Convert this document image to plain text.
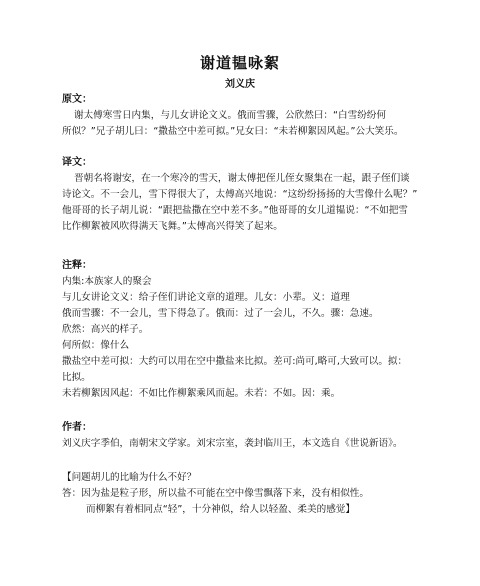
谢道韫咏絮
刘义庆
原文：
谢太傅寒雪日内集，与儿女讲论文义。俄而雪骤，公欣然曰：“白雪纷纷何
所似？”兄子胡儿曰：“撒盐空中差可拟。”兄女曰：“未若柳絮因风起。”公大笑乐。
译文：
晋朝名将谢安，在一个寒冷的雪天，谢太傅把侄儿侄女聚集在一起，跟子侄们谈
诗论文。不一会儿，雪下得很大了，太傅高兴地说：“这纷纷扬扬的大雪像什么呢？”
他哥哥的长子胡儿说：“跟把盐撒在空中差不多。”他哥哥的女儿道韫说：“不如把雪
比作柳絮被风吹得满天飞舞。”太傅高兴得笑了起来。
注释：
内集:本族家人的聚会
与儿女讲论文义：给子侄们讲论文章的道理。儿女：小辈。义：道理
俄而雪骤：不一会儿，雪下得急了。俄而：过了一会儿，不久。骤：急速。
欣然：高兴的样子。
何所似：像什么
撒盐空中差可拟：大约可以用在空中撒盐来比拟。差可:尚可,略可,大致可以。拟：
比拟。
未若柳絮因风起：不如比作柳絮乘风而起。未若：不如。因：乘。
作者：
刘义庆字季伯，南朝宋文学家。刘宋宗室，袭封临川王，本文选自《世说新语》。
【问题胡儿的比喻为什么不好？
答：因为盐是粒子形，所以盐不可能在空中像雪飘落下来，没有相似性。
而柳絮有着相同点“轻”，十分神似，给人以轻盈、柔美的感觉】
